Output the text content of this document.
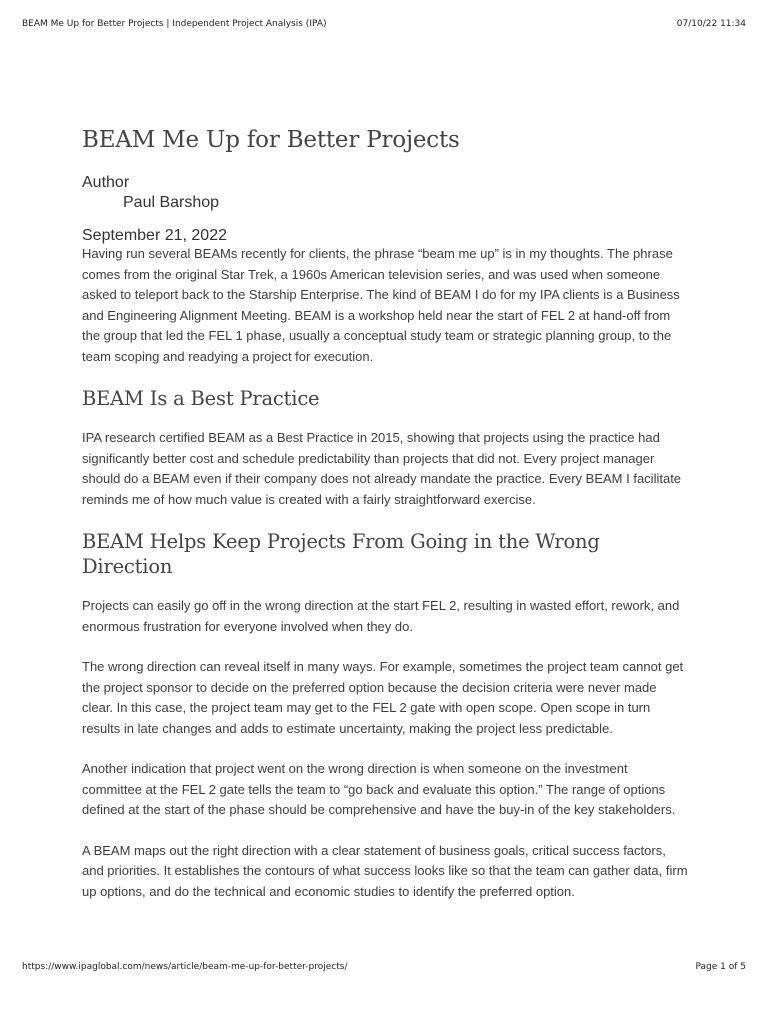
BEAM Me Up for Better Projects | Independent Project Analysis (IPA)	07/10/22 11:34
BEAM Me Up for Better Projects
Author
Paul Barshop
September 21, 2022

Having run several BEAMs recently for clients, the phrase “beam me up” is in my thoughts. The phrase comes from the original Star Trek, a 1960s American television series, and was used when someone asked to teleport back to the Starship Enterprise. The kind of BEAM I do for my IPA clients is a Business and Engineering Alignment Meeting. BEAM is a workshop held near the start of FEL 2 at hand-off from the group that led the FEL 1 phase, usually a conceptual study team or strategic planning group, to the team scoping and readying a project for execution.

BEAM Is a Best Practice

IPA research certified BEAM as a Best Practice in 2015, showing that projects using the practice had significantly better cost and schedule predictability than projects that did not. Every project manager should do a BEAM even if their company does not already mandate the practice. Every BEAM I facilitate reminds me of how much value is created with a fairly straightforward exercise.

BEAM Helps Keep Projects From Going in the Wrong Direction

Projects can easily go off in the wrong direction at the start FEL 2, resulting in wasted effort, rework, and enormous frustration for everyone involved when they do.

The wrong direction can reveal itself in many ways. For example, sometimes the project team cannot get the project sponsor to decide on the preferred option because the decision criteria were never made clear. In this case, the project team may get to the FEL 2 gate with open scope. Open scope in turn results in late changes and adds to estimate uncertainty, making the project less predictable.

Another indication that project went on the wrong direction is when someone on the investment committee at the FEL 2 gate tells the team to “go back and evaluate this option.” The range of options defined at the start of the phase should be comprehensive and have the buy-in of the key stakeholders.

A BEAM maps out the right direction with a clear statement of business goals, critical success factors, and priorities. It establishes the contours of what success looks like so that the team can gather data, firm up options, and do the technical and economic studies to identify the preferred option.

https://www.ipaglobal.com/news/article/beam-me-up-for-better-projects/	Page 1 of 5
